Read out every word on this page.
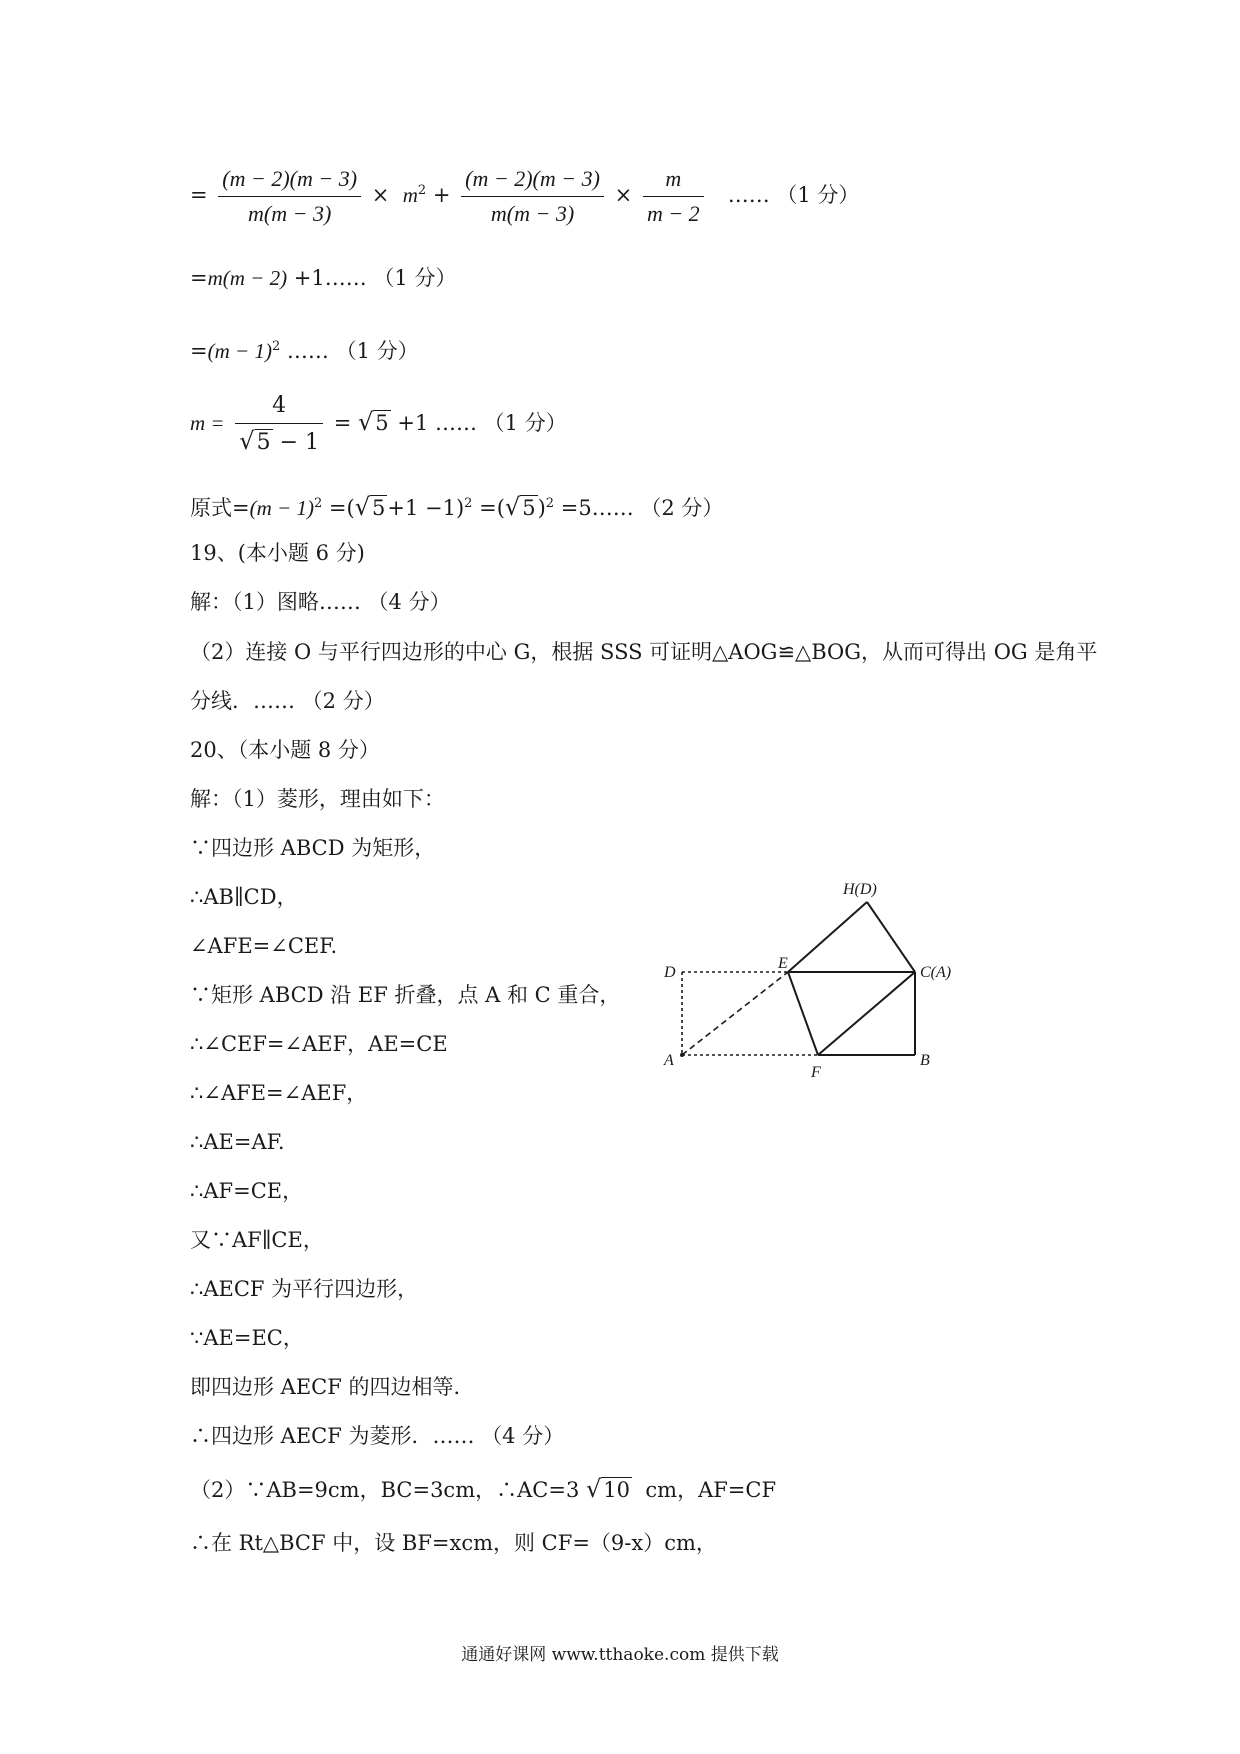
= $\frac{(m - 2)(m - 3)}{m(m - 3)} \times m^2 + \frac{(m - 2)(m - 3)}{m(m - 3)} \times \frac{m}{m - 2}$ …… （1 分）
=m(m − 2) +1…… （1 分）
$=(m - 1)^2$ …… （1 分）
$m = \frac{4}{√5 - 1} = √5 +1$ …… （1 分）
原式$=(m - 1)^2 =(√5+1 -1)^2 =(√5)^2$ =5…… （2 分）
19、(本小题 6 分)
解：（1）图略…… （4 分）
（2）连接 O 与平行四边形的中心 G，根据 SSS 可证明△AOG≌△BOG，从而可得出 OG 是角平
分线．…… （2 分）
20、（本小题 8 分）
解：（1）菱形，理由如下：
∵四边形 ABCD 为矩形，
∴AB∥CD，
∠AFE=∠CEF.
∵矩形 ABCD 沿 EF 折叠，点 A 和 C 重合，
∴∠CEF=∠AEF，AE=CE
∴∠AFE=∠AEF，
∴AE=AF.
∴AF=CE，
又∵AF∥CE，
∴AECF 为平行四边形，
∵AE=EC，
即四边形 AECF 的四边相等．
∴四边形 AECF 为菱形．…… （4 分）
（2）∵AB=9cm，BC=3cm，∴AC=3 √10 cm，AF=CF
∴在 Rt△BCF 中，设 BF=xcm，则 CF=（9-x）cm，
H(D)
D
E
C(A)
A
F
B
通通好课网 www.tthaoke.com 提供下载
